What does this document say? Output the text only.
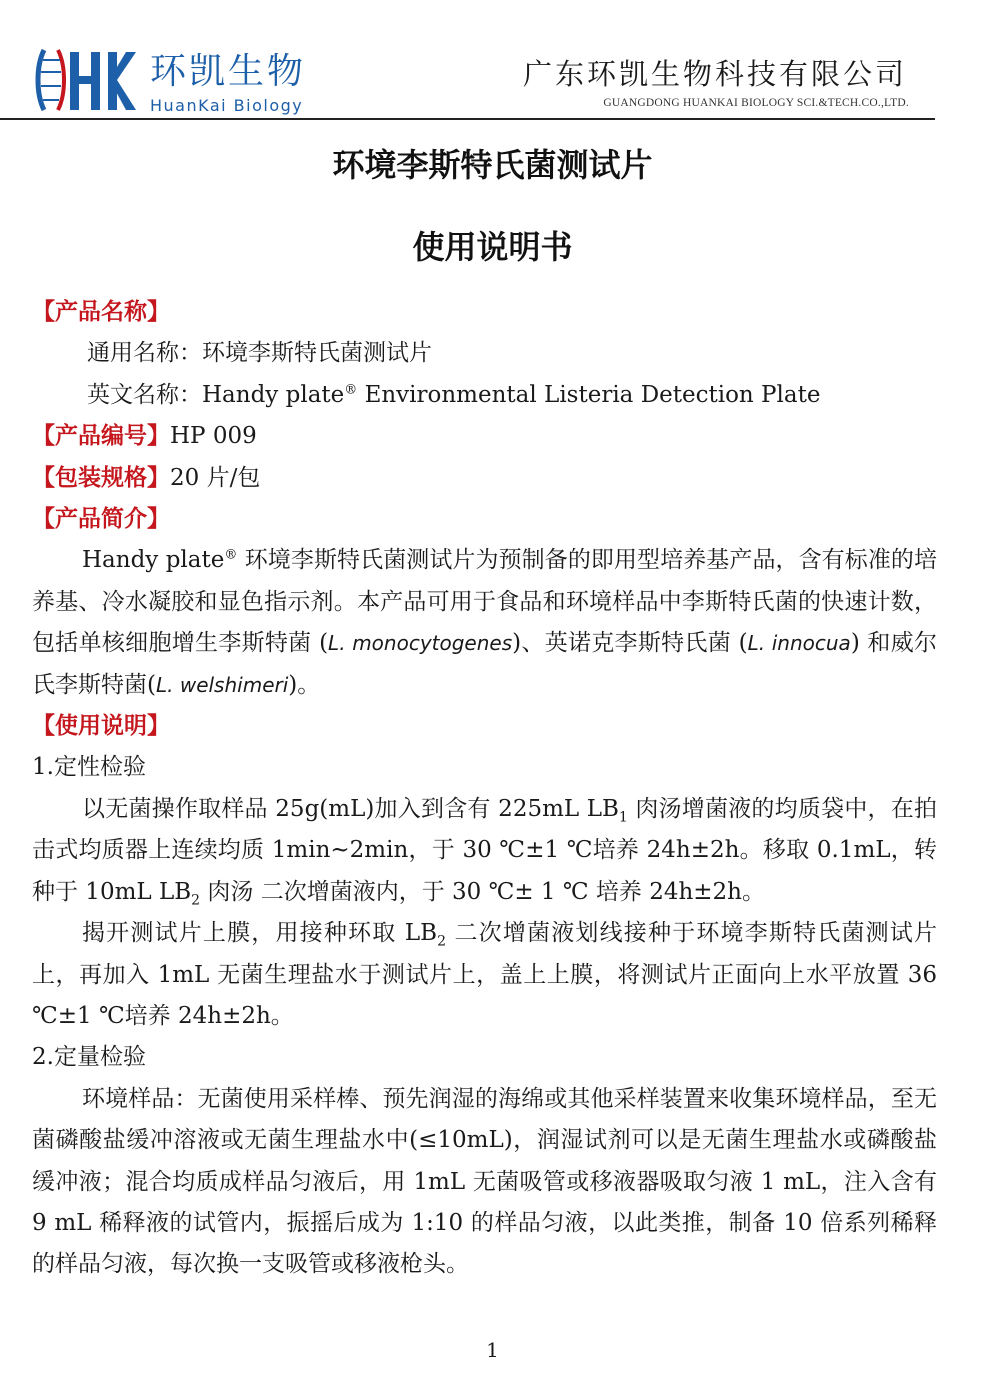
环凯生物
HuanKai Biology
广东环凯生物科技有限公司
GUANGDONG HUANKAI BIOLOGY SCI.&TECH.CO.,LTD.
环境李斯特氏菌测试片
使用说明书
【产品名称】
通用名称：环境李斯特氏菌测试片
英文名称：Handy plate® Environmental Listeria Detection Plate
【产品编号】HP 009
【包装规格】20 片/包
【产品简介】
Handy plate® 环境李斯特氏菌测试片为预制备的即用型培养基产品，含有标准的培养基、冷水凝胶和显色指示剂。本产品可用于食品和环境样品中李斯特氏菌的快速计数，包括单核细胞增生李斯特菌 (L. monocytogenes)、英诺克李斯特氏菌 (L. innocua) 和威尔氏李斯特菌(L. welshimeri)。
【使用说明】
1.定性检验
以无菌操作取样品 25g(mL)加入到含有 225mL $LB_1$ 肉汤增菌液的均质袋中，在拍击式均质器上连续均质 1min~2min，于 30 ℃±1 ℃培养 24h±2h。移取 0.1mL，转种于 10mL $LB_2$ 肉汤 二次增菌液内，于 30 ℃± 1 ℃ 培养 24h±2h。
揭开测试片上膜，用接种环取 $LB_2$ 二次增菌液划线接种于环境李斯特氏菌测试片上，再加入 1mL 无菌生理盐水于测试片上，盖上上膜，将测试片正面向上水平放置 36 ℃±1 ℃培养 24h±2h。
2.定量检验
环境样品：无菌使用采样棒、预先润湿的海绵或其他采样装置来收集环境样品，至无菌磷酸盐缓冲溶液或无菌生理盐水中(≤10mL)，润湿试剂可以是无菌生理盐水或磷酸盐缓冲液；混合均质成样品匀液后，用 1mL 无菌吸管或移液器吸取匀液 1 mL，注入含有 9 mL 稀释液的试管内，振摇后成为 1:10 的样品匀液，以此类推，制备 10 倍系列稀释的样品匀液，每次换一支吸管或移液枪头。
1
